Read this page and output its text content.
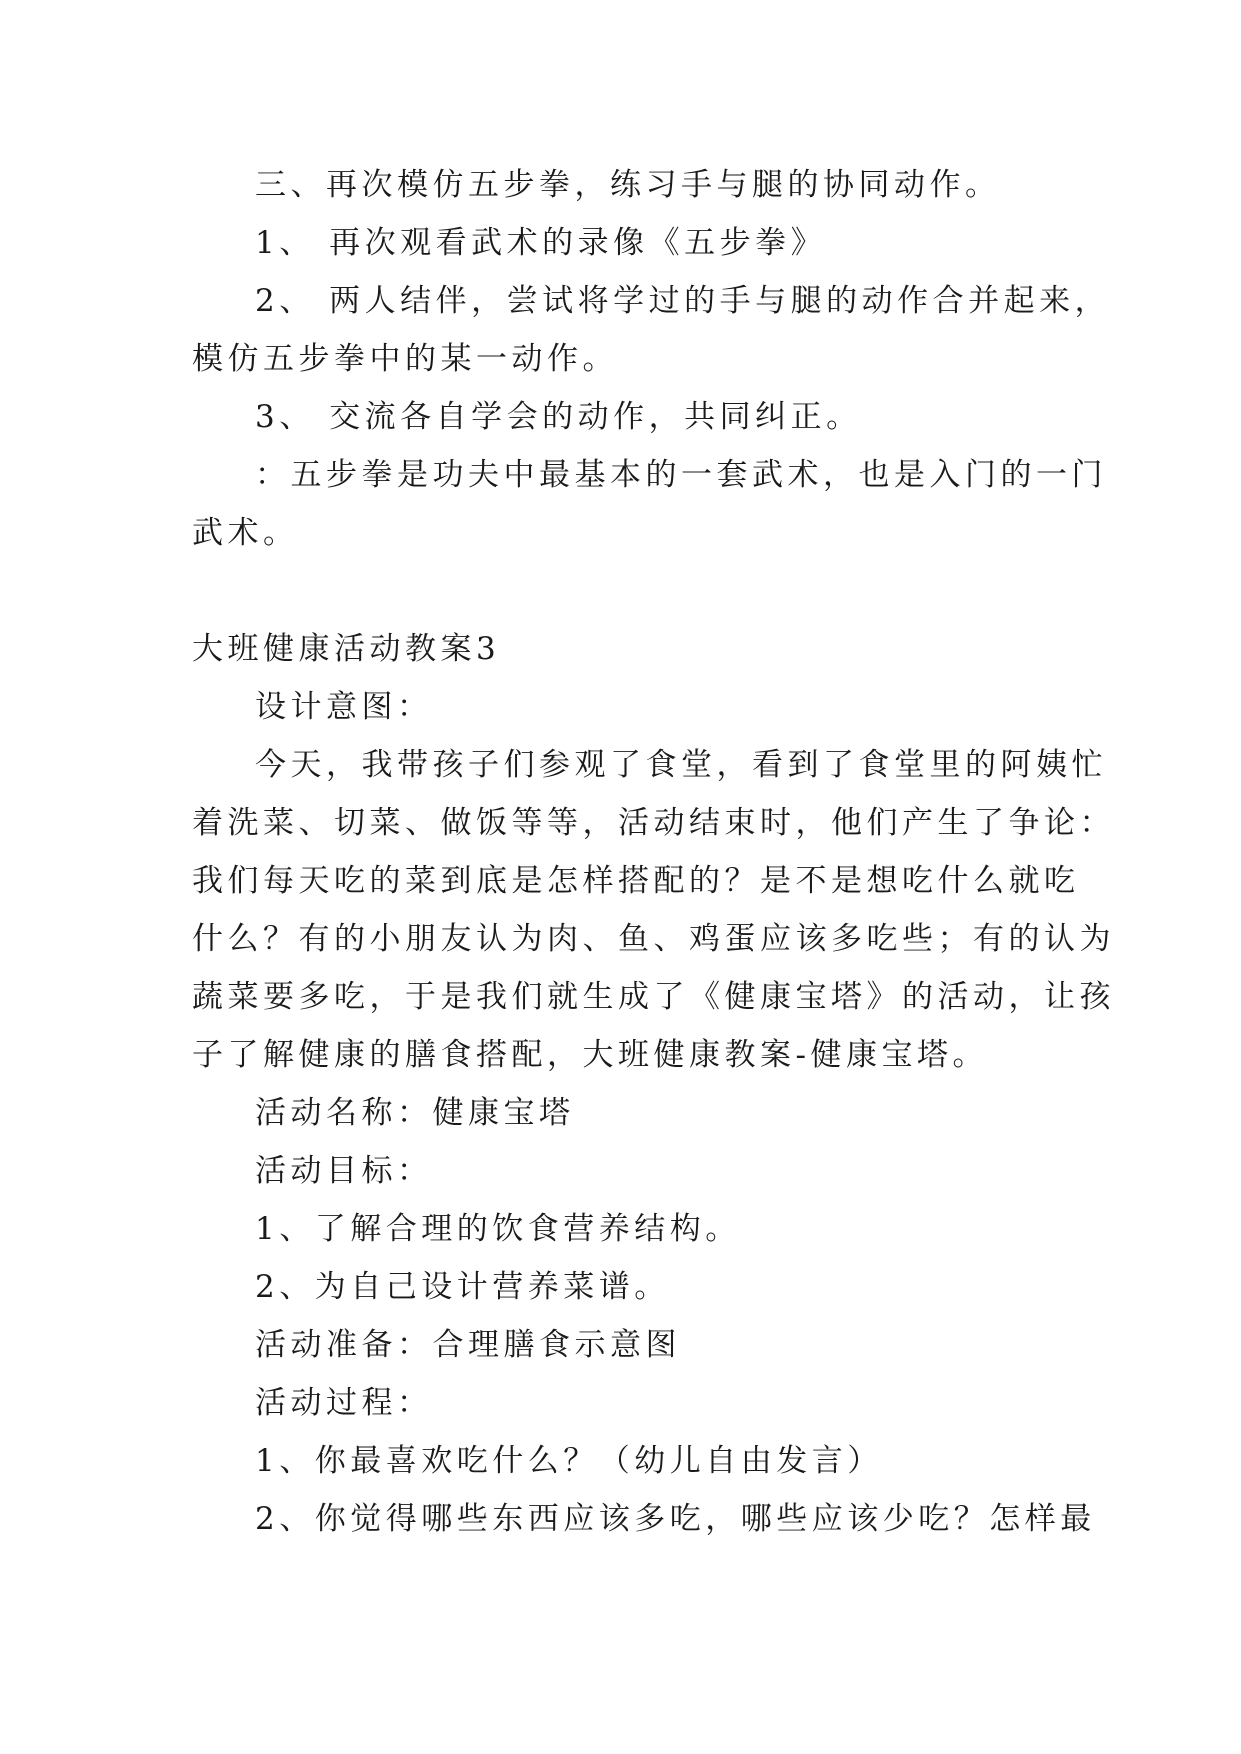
三、再次模仿五步拳，练习手与腿的协同动作。
1、 再次观看武术的录像《五步拳》
2、 两人结伴，尝试将学过的手与腿的动作合并起来，
模仿五步拳中的某一动作。
3、 交流各自学会的动作，共同纠正。
：五步拳是功夫中最基本的一套武术，也是入门的一门
武术。
大班健康活动教案3
设计意图：
今天，我带孩子们参观了食堂，看到了食堂里的阿姨忙
着洗菜、切菜、做饭等等，活动结束时，他们产生了争论：
我们每天吃的菜到底是怎样搭配的？是不是想吃什么就吃
什么？有的小朋友认为肉、鱼、鸡蛋应该多吃些；有的认为
蔬菜要多吃，于是我们就生成了《健康宝塔》的活动，让孩
子了解健康的膳食搭配，大班健康教案-健康宝塔。
活动名称：健康宝塔
活动目标：
1、了解合理的饮食营养结构。
2、为自己设计营养菜谱。
活动准备：合理膳食示意图
活动过程：
1、你最喜欢吃什么？（幼儿自由发言）
2、你觉得哪些东西应该多吃，哪些应该少吃？怎样最
